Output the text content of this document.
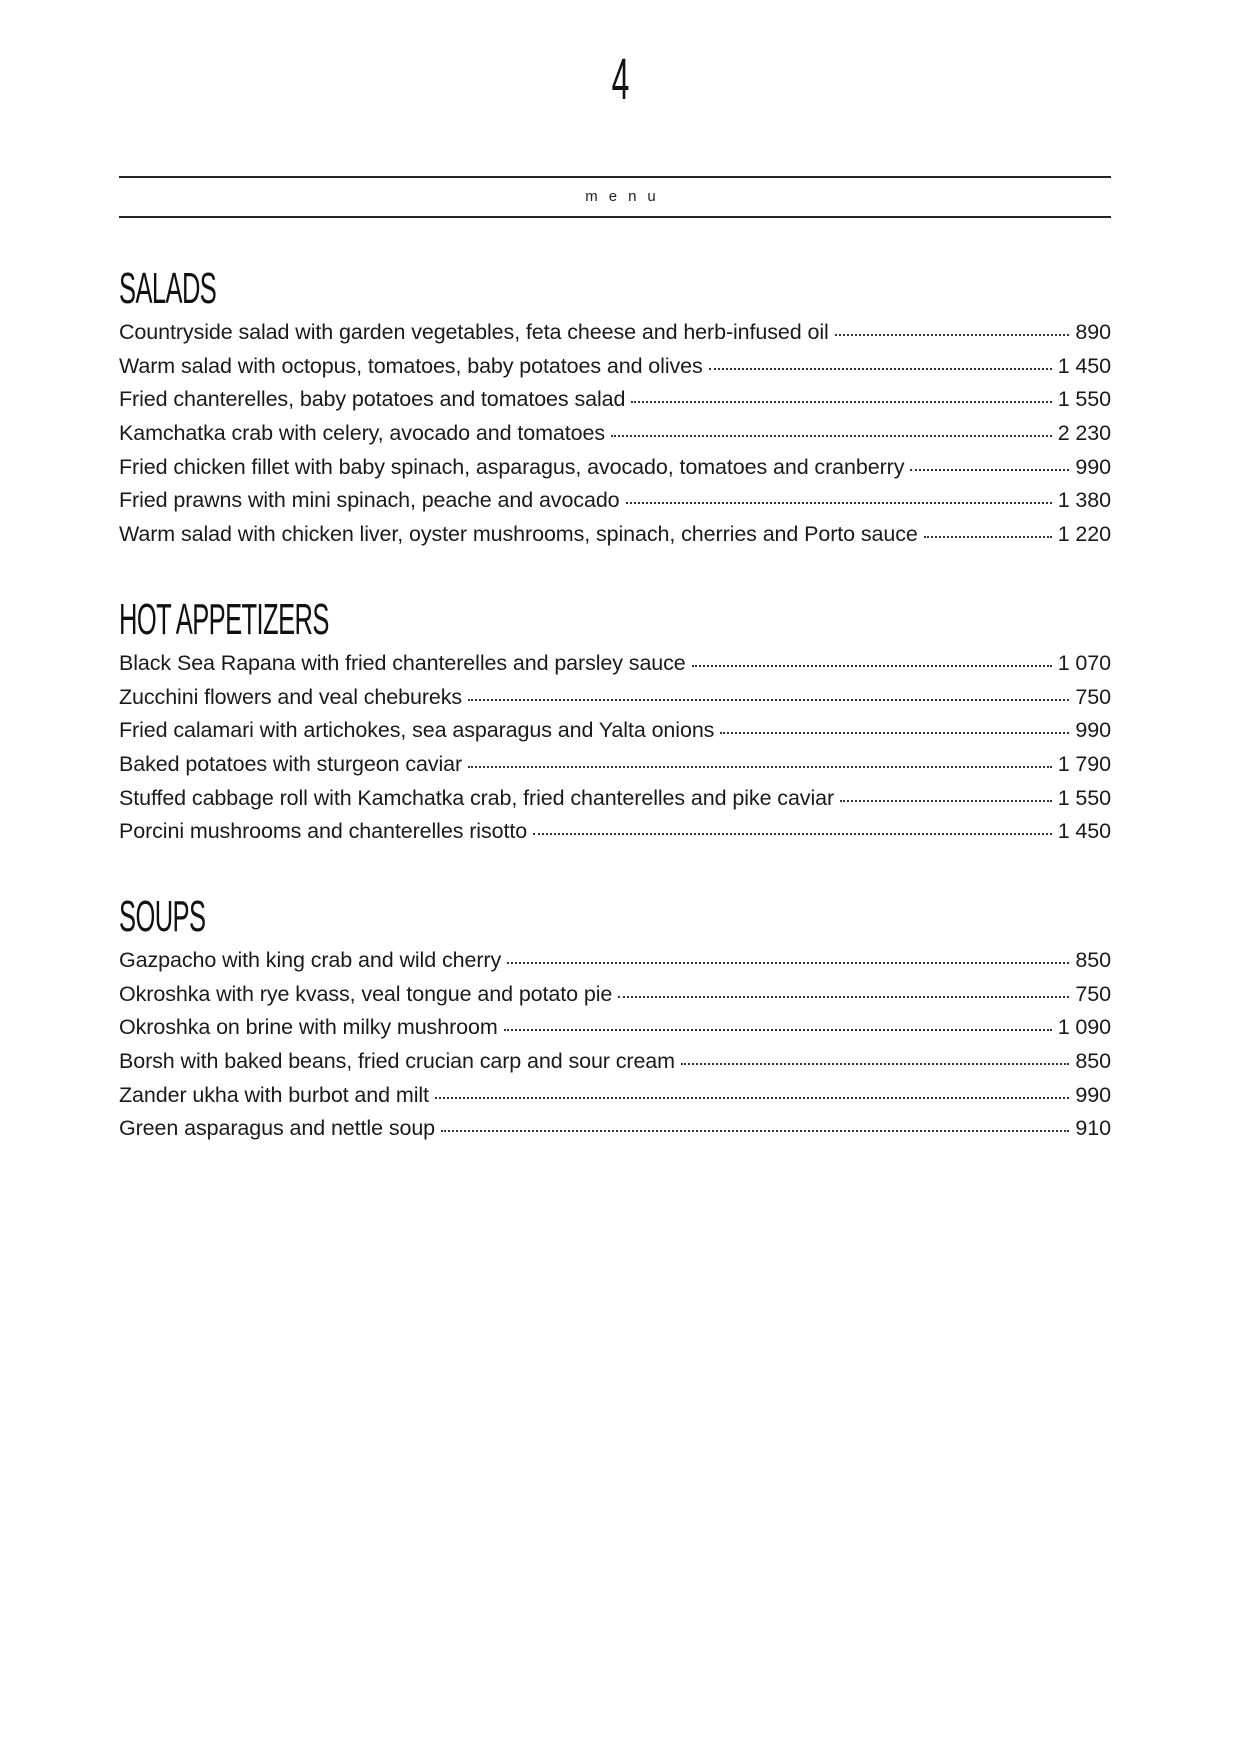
4
menu
SALADS
Countryside salad with garden vegetables, feta cheese and herb-infused oil	890
Warm salad with octopus, tomatoes, baby potatoes and olives	1 450
Fried chanterelles, baby potatoes and tomatoes salad	1 550
Kamchatka crab with celery, avocado and tomatoes	2 230
Fried chicken fillet with baby spinach, asparagus, avocado, tomatoes and cranberry	990
Fried prawns with mini spinach, peache and avocado	1 380
Warm salad with chicken liver, oyster mushrooms, spinach, cherries and Porto sauce	1 220
HOT APPETIZERS
Black Sea Rapana with fried chanterelles and parsley sauce	1 070
Zucchini flowers and veal chebureks	750
Fried calamari with artichokes, sea asparagus and Yalta onions	990
Baked potatoes with sturgeon caviar	1 790
Stuffed cabbage roll with Kamchatka crab, fried chanterelles and pike caviar	1 550
Porcini mushrooms and chanterelles risotto	1 450
SOUPS
Gazpacho with king crab and wild cherry	850
Okroshka with rye kvass, veal tongue and potato pie	750
Okroshka on brine with milky mushroom	1 090
Borsh with baked beans, fried crucian carp and sour cream	850
Zander ukha with burbot and milt	990
Green asparagus and nettle soup	910
